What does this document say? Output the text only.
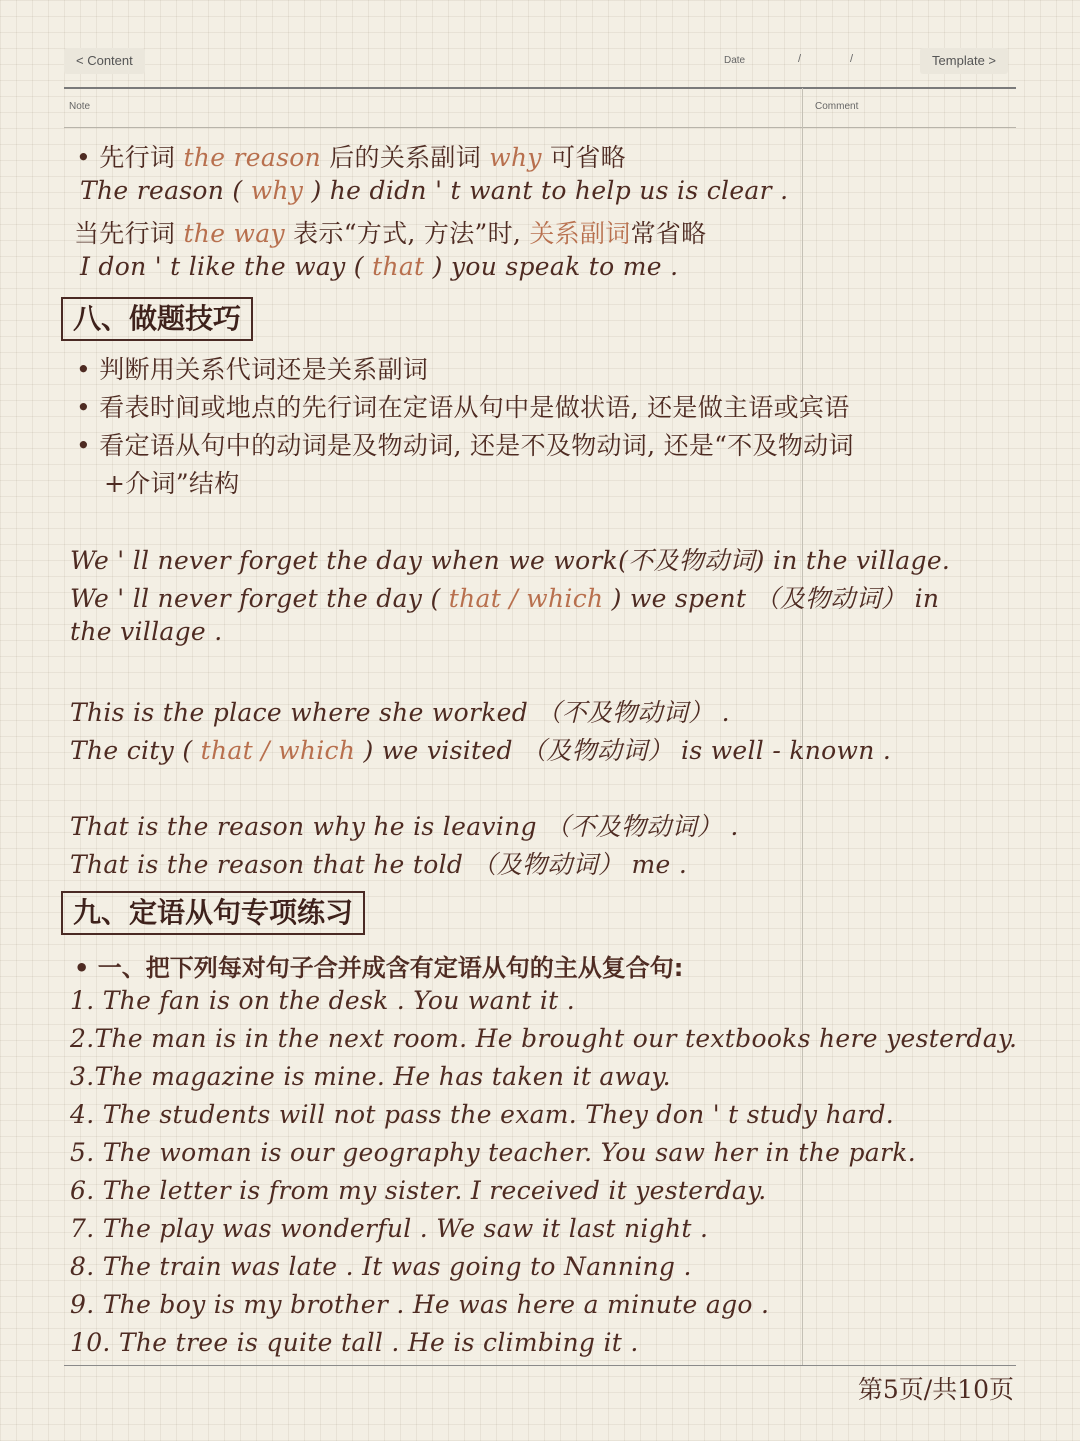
< Content	Date	/	/	Template >
Note	Comment
• 先行词 the reason 后的关系副词 why 可省略
The reason ( why ) he didn ' t want to help us is clear .
当先行词 the way 表示“方式, 方法”时, 关系副词常省略
I don ' t like the way ( that ) you speak to me .
八、做题技巧
• 判断用关系代词还是关系副词
• 看表时间或地点的先行词在定语从句中是做状语, 还是做主语或宾语
• 看定语从句中的动词是及物动词, 还是不及物动词, 还是“不及物动词
+介词”结构
We ' ll never forget the day when we work(不及物动词) in the village.
We ' ll never forget the day ( that / which ) we spent （及物动词） in
the village .
This is the place where she worked （不及物动词） .
The city ( that / which ) we visited （及物动词） is well - known .
That is the reason why he is leaving （不及物动词） .
That is the reason that he told （及物动词） me .
九、定语从句专项练习
• 一、把下列每对句子合并成含有定语从句的主从复合句:
1. The fan is on the desk . You want it .
2.The man is in the next room. He brought our textbooks here yesterday.
3.The magazine is mine. He has taken it away.
4. The students will not pass the exam. They don ' t study hard.
5. The woman is our geography teacher. You saw her in the park.
6. The letter is from my sister. I received it yesterday.
7. The play was wonderful . We saw it last night .
8. The train was late . It was going to Nanning .
9. The boy is my brother . He was here a minute ago .
10. The tree is quite tall . He is climbing it .
第5页/共10页
